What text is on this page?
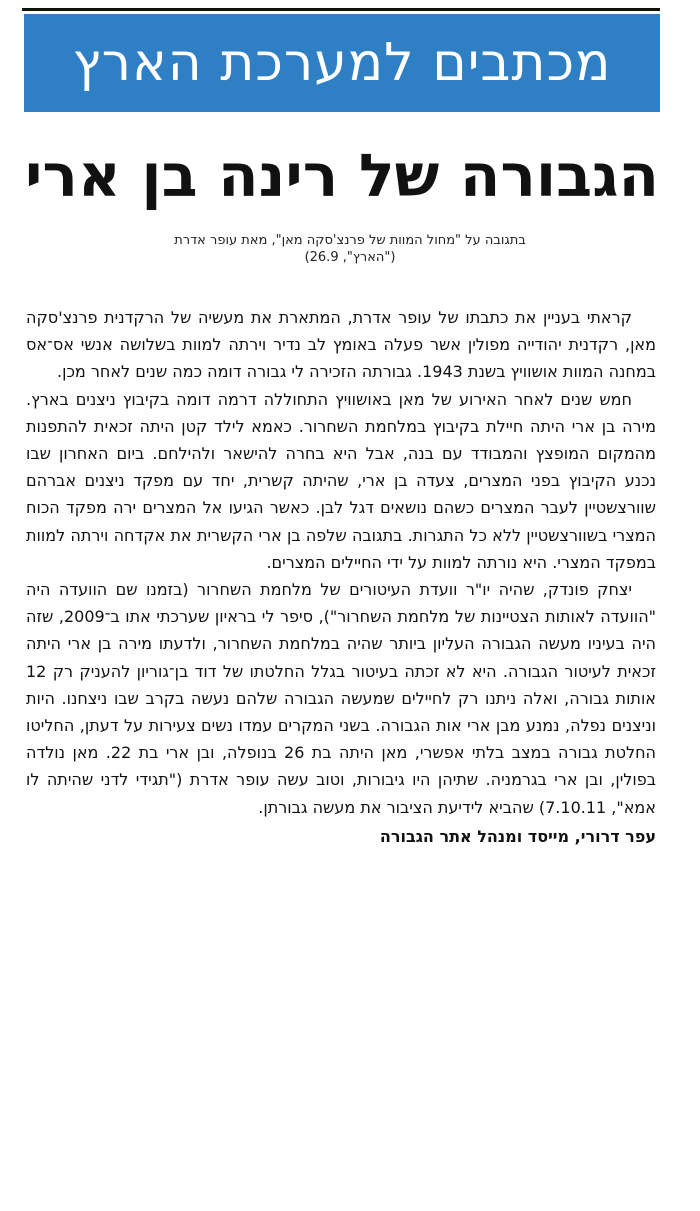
מכתבים למערכת הארץ
הגבורה של רינה בן ארי
בתגובה על "מחול המוות של פרנצ'סקה מאן", מאת עופר אדרת ("הארץ", 26.9)

קראתי בעניין את כתבתו של עופר אדרת, המתארת את מעשיה של הרקדנית פרנצ'סקה מאן, רקדנית יהודייה מפולין אשר פעלה באומץ לב נדיר וירתה למוות בשלושה אנשי אס־אס במחנה המוות אושוויץ בשנת 1943. גבורתה הזכירה לי גבורה דומה כמה שנים לאחר מכן.

חמש שנים לאחר האירוע של מאן באושוויץ התחוללה דרמה דומה בקיבוץ ניצנים בארץ. מירה בן ארי היתה חיילת בקיבוץ במלחמת השחרור. כאמא לילד קטן היתה זכאית להתפנות מהמקום המופצץ והמבודד עם בנה, אבל היא בחרה להישאר ולהילחם. ביום האחרון שבו נכנע הקיבוץ בפני המצרים, צעדה בן ארי, שהיתה קשרית, יחד עם מפקד ניצנים אברהם שוורצשטיין לעבר המצרים כשהם נושאים דגל לבן. כאשר הגיעו אל המצרים ירה מפקד הכוח המצרי בשוורצשטיין ללא כל התגרות. בתגובה שלפה בן ארי הקשרית את אקדחה וירתה למוות במפקד המצרי. היא נורתה למוות על ידי החיילים המצרים.

יצחק פונדק, שהיה יו"ר וועדת העיטורים של מלחמת השחרור (בזמנו שם הוועדה היה "הוועדה לאותות הצטיינות של מלחמת השחרור"), סיפר לי בראיון שערכתי אתו ב־2009, שזה היה בעיניו מעשה הגבורה העליון ביותר שהיה במלחמת השחרור, ולדעתו מירה בן ארי היתה זכאית לעיטור הגבורה. היא לא זכתה בעיטור בגלל החלטתו של דוד בן־גוריון להעניק רק 12 אותות גבורה, ואלה ניתנו רק לחיילים שמעשה הגבורה שלהם נעשה בקרב שבו ניצחנו. היות וניצנים נפלה, נמנע מבן ארי אות הגבורה. בשני המקרים עמדו נשים צעירות על דעתן, החליטו החלטת גבורה במצב בלתי אפשרי, מאן היתה בת 26 בנופלה, ובן ארי בת 22. מאן נולדה בפולין, ובן ארי בגרמניה. שתיהן היו גיבורות, וטוב עשה עופר אדרת ("תגידי לדני שהיתה לו אמא", 7.10.11) שהביא לידיעת הציבור את מעשה גבורתן.

עפר דרורי, מייסד ומנהל אתר הגבורה
